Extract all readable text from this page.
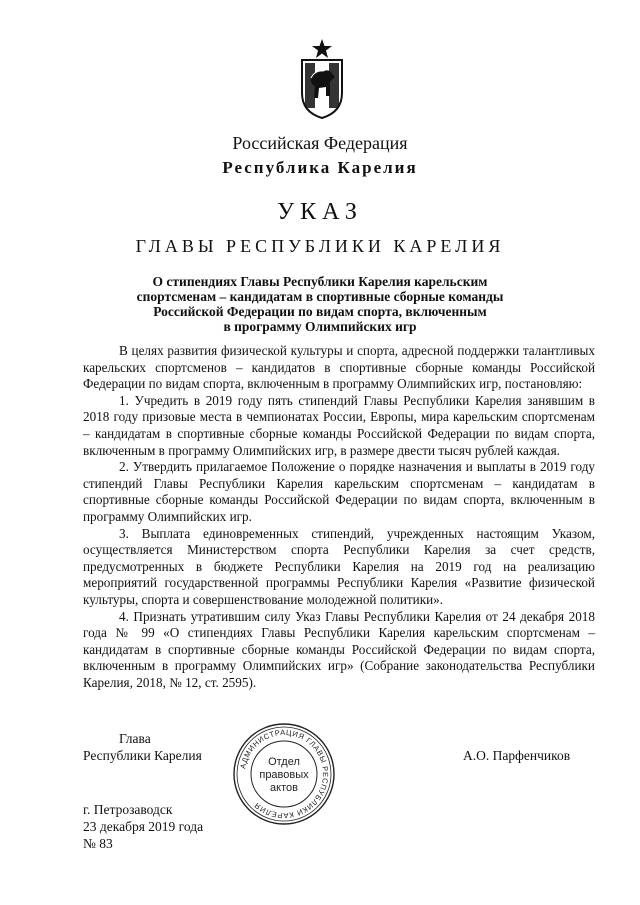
Российская Федерация
Республика Карелия
УКАЗ
ГЛАВЫ РЕСПУБЛИКИ КАРЕЛИЯ
О стипендиях Главы Республики Карелия карельским
спортсменам – кандидатам в спортивные сборные команды
Российской Федерации по видам спорта, включенным
в программу Олимпийских игр

В целях развития физической культуры и спорта, адресной поддержки талантливых карельских спортсменов – кандидатов в спортивные сборные команды Российской Федерации по видам спорта, включенным в программу Олимпийских игр, постановляю:

1. Учредить в 2019 году пять стипендий Главы Республики Карелия занявшим в 2018 году призовые места в чемпионатах России, Европы, мира карельским спортсменам – кандидатам в спортивные сборные команды Российской Федерации по видам спорта, включенным в программу Олимпийских игр, в размере двести тысяч рублей каждая.

2. Утвердить прилагаемое Положение о порядке назначения и выплаты в 2019 году стипендий Главы Республики Карелия карельским спортсменам – кандидатам в спортивные сборные команды Российской Федерации по видам спорта, включенным в программу Олимпийских игр.

3. Выплата единовременных стипендий, учрежденных настоящим Указом, осуществляется Министерством спорта Республики Карелия за счет средств, предусмотренных в бюджете Республики Карелия на 2019 год на реализацию мероприятий государственной программы Республики Карелия «Развитие физической культуры, спорта и совершенствование молодежной политики».

4. Признать утратившим силу Указ Главы Республики Карелия от 24 декабря 2018 года № 99 «О стипендиях Главы Республики Карелия карельским спортсменам – кандидатам в спортивные сборные команды Российской Федерации по видам спорта, включенным в программу Олимпийских игр» (Собрание законодательства Республики Карелия, 2018, № 12, ст. 2595).

Глава
Республики Карелия
АДМИНИСТРАЦИЯ ГЛАВЫ РЕСПУБЛИКИ КАРЕЛИЯ
Отдел
правовых
актов
А.О. Парфенчиков
г. Петрозаводск
23 декабря 2019 года
№ 83
